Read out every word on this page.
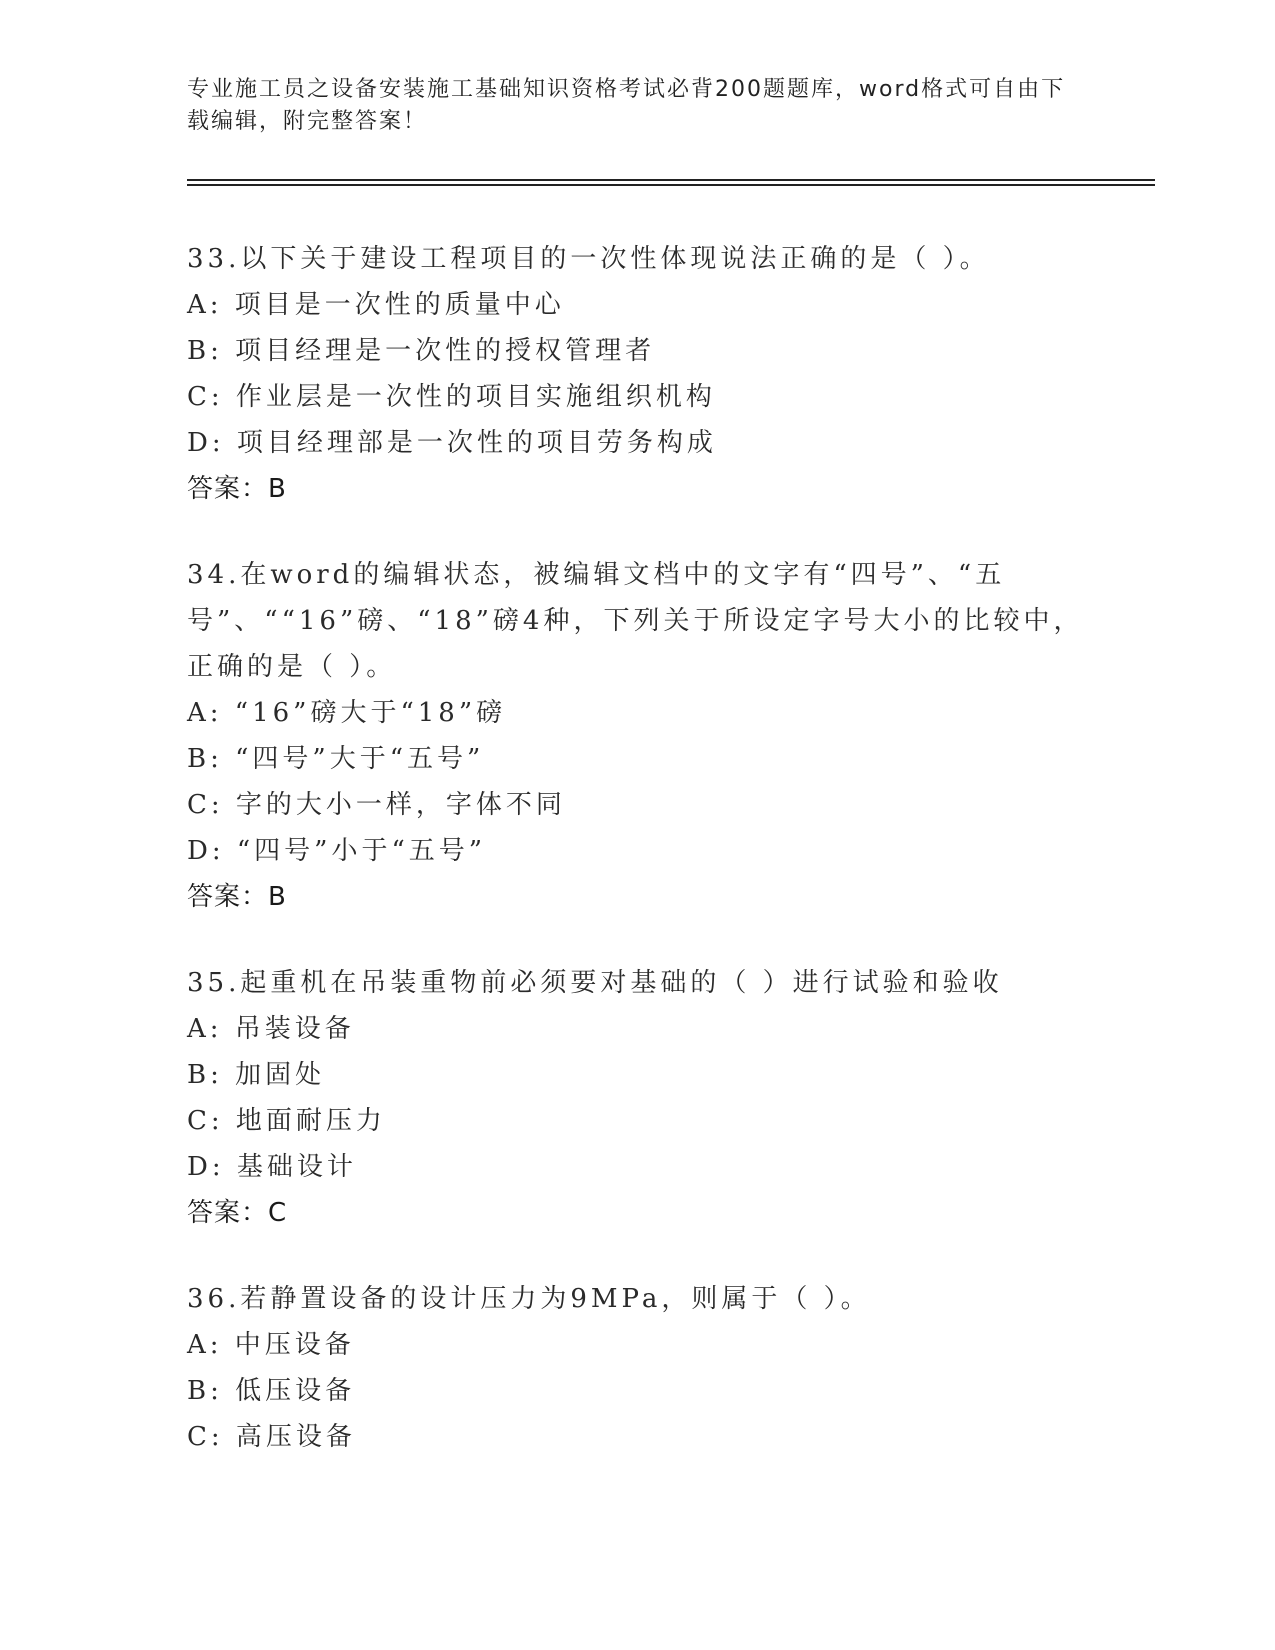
专业施工员之设备安装施工基础知识资格考试必背200题题库，word格式可自由下载编辑，附完整答案！
33.以下关于建设工程项目的一次性体现说法正确的是（ ）。
A: 项目是一次性的质量中心
B: 项目经理是一次性的授权管理者
C: 作业层是一次性的项目实施组织机构
D: 项目经理部是一次性的项目劳务构成
答案：B
34.在word的编辑状态，被编辑文档中的文字有“四号”、“五号”、““16”磅、“18”磅4种，下列关于所设定字号大小的比较中，正确的是（ ）。
A: “16”磅大于“18”磅
B: “四号”大于“五号”
C: 字的大小一样，字体不同
D: “四号”小于“五号”
答案：B
35.起重机在吊装重物前必须要对基础的（ ）进行试验和验收
A: 吊装设备
B: 加固处
C: 地面耐压力
D: 基础设计
答案：C
36.若静置设备的设计压力为9MPa，则属于（ ）。
A: 中压设备
B: 低压设备
C: 高压设备
